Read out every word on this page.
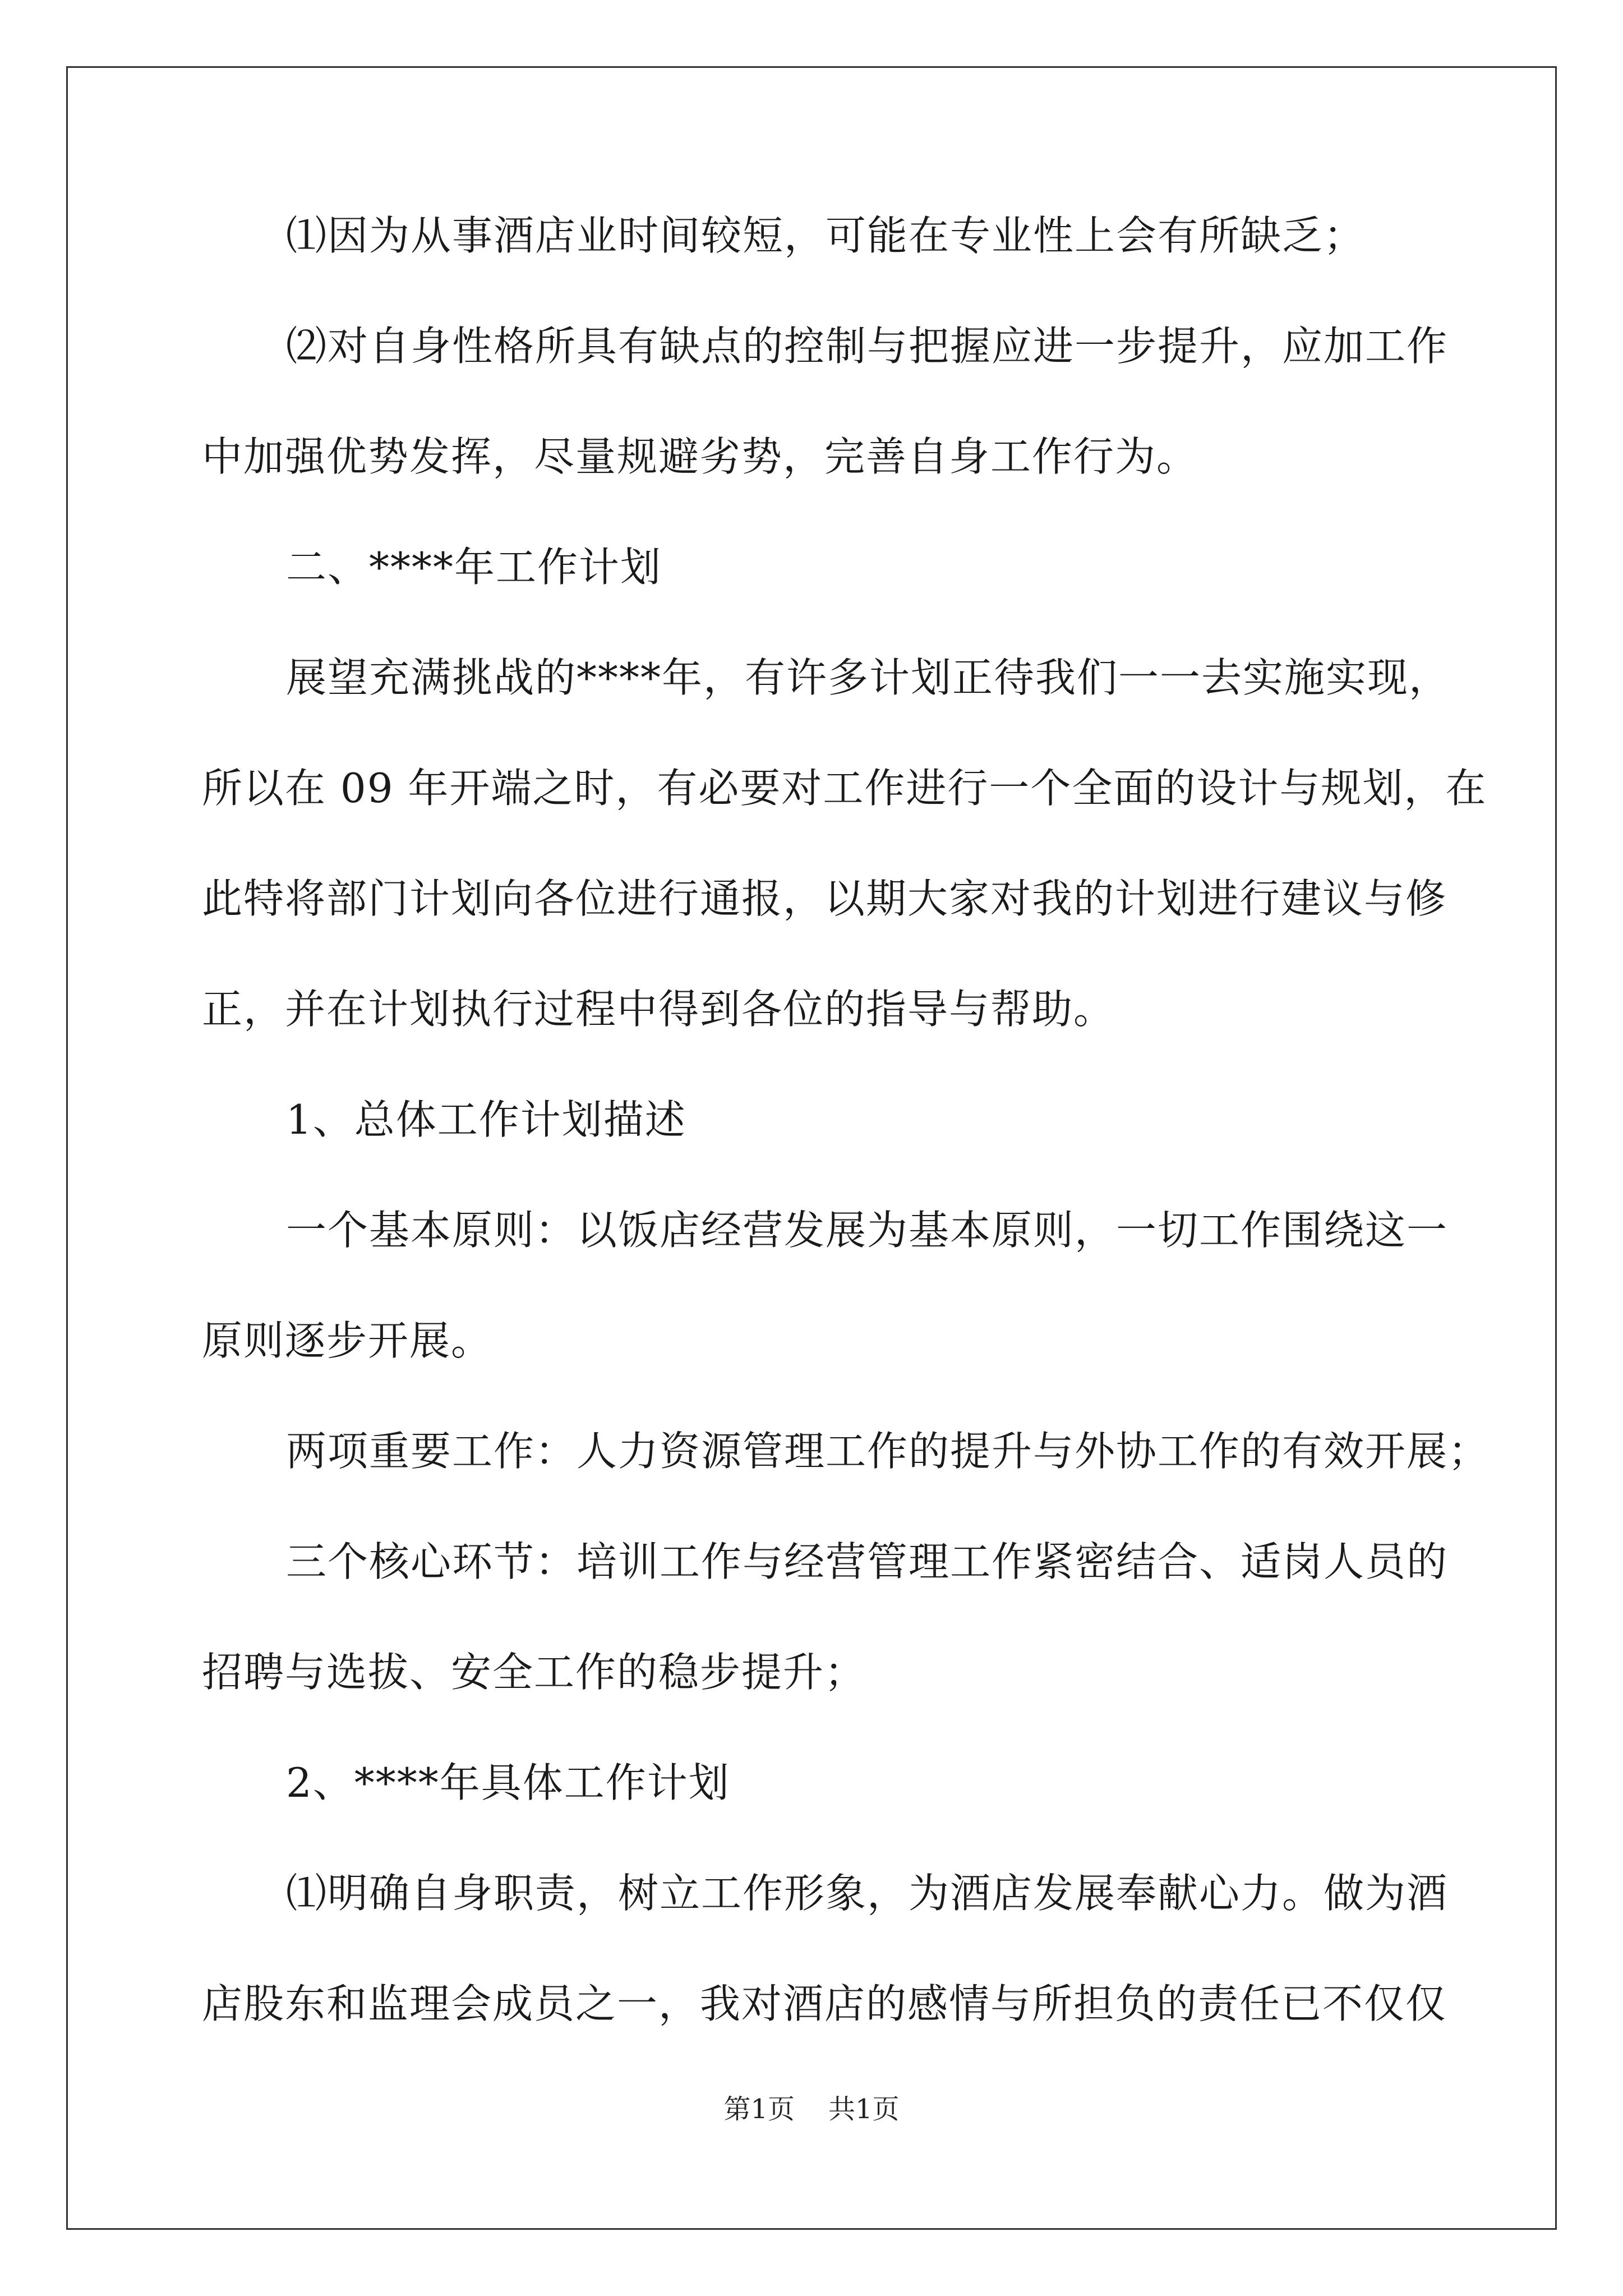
⑴因为从事酒店业时间较短，可能在专业性上会有所缺乏；
⑵对自身性格所具有缺点的控制与把握应进一步提升，应加工作
中加强优势发挥，尽量规避劣势，完善自身工作行为。
二、****年工作计划
展望充满挑战的****年，有许多计划正待我们一一去实施实现，
所以在 09 年开端之时，有必要对工作进行一个全面的设计与规划，在
此特将部门计划向各位进行通报，以期大家对我的计划进行建议与修
正，并在计划执行过程中得到各位的指导与帮助。
1、总体工作计划描述
一个基本原则：以饭店经营发展为基本原则，一切工作围绕这一
原则逐步开展。
两项重要工作：人力资源管理工作的提升与外协工作的有效开展；
三个核心环节：培训工作与经营管理工作紧密结合、适岗人员的
招聘与选拔、安全工作的稳步提升；
2、****年具体工作计划
⑴明确自身职责，树立工作形象，为酒店发展奉献心力。做为酒
店股东和监理会成员之一，我对酒店的感情与所担负的责任已不仅仅
第1页 共1页
